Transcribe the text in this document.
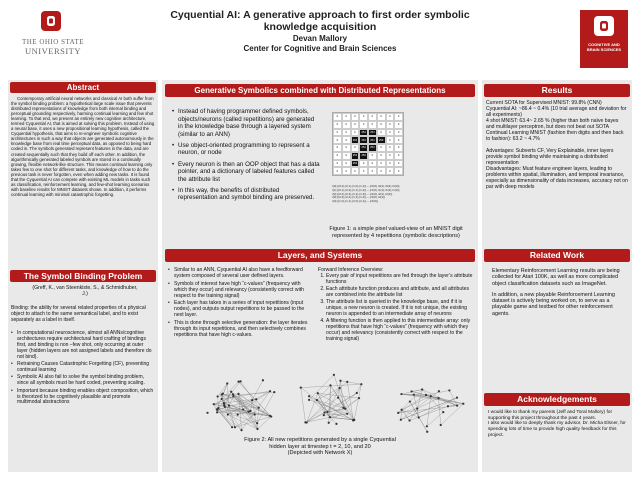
THE OHIO STATE
UNIVERSITY
Cyquential AI: A generative approach to first order symbolic knowledge acquisition
Devan Mallory
Center for Cognitive and Brain Sciences	COGNITIVE AND BRAIN SCIENCES
Abstract
Contemporary artificial neural networks and classical AI both suffer from the symbol binding problem: a hypothetical large scale issue that prevents distributed representations of knowledge from both internal binding and perceptual grounding respectively, harming continual learning and few shot learning. To that end, we present an entirely new cognitive architecture, termed Cyquential AI, that is aimed at solving this problem. Instead of using a neural base, it uses a new propositional learning hypothesis, called the Cyquential hypothesis, that aims to re-engineer symbolic cognitive architectures in such a way that objects are generated autonomously in the knowledge base from real time perceptual data, as opposed to being hard coded in. The symbols generated represent features in the data, and are created sequentially such that they build off each other. In addition, the algorithmically generated labeled symbols are stored in a continually growing, flexible network-like structure. This means continual learning only takes few to one shot for different tasks, and knowledge of how to do the previous task is never forgotten, even when adding new tasks. It is found that the Cyquential AI can compete with existing ML models in tasks such as classification, reinforcement learning, and few-shot learning scenarios with baseline results for MNIST datasets shown. In addition, it performs continual learning with minimal catastrophic forgetting.
The Symbol Binding Problem
(Greff, K., van Steenkiste, S., & Schmidhuber, J.)
Binding: the ability for several related properties of a physical object to attach to the same semantical label, and to exist separately as a label in itself.
• In computational neuroscience, almost all ANNs/cognitive architectures require architectural hard crafting of bindings first, and binding is non –few shot, only occurring at outer layer (hidden layers are not assigned labels and therefore do not bind).
• Retraining Causes Catastrophic Forgetting (CF), preventing continual learning
• Symbolic AI also fail to solve the symbol binding problem, since all symbols must be hard coded, preventing scaling.
• Important because binding enables object composition, which is theorized to be cognitively plausible and promote multimodal abstractions
Generative Symbolics combined with Distributed Representations
• Instead of having programmer defined symbols, objects/neurons (called repetitions) are generated in the knowledge base through a layered system (similar to an ANN)
• Use object-oriented programming to represent a neuron, or node
• Every neuron is then an OOP object that has a data pointer, and a dictionary of labeled features called the attribute list
• In this way, the benefits of distributed representation and symbol binding are preserved.
0	0	0	0	0	0	0	0
0	0	0	0	0	0	0	0
0	0	0	254	254	0	0	0
0	0	254	254	254	253	0	0
0	0	0	254	254	0	0	0
0	0	254	253	0	0	0	0
0	0	253	0	0	0	0	0
0	0	0	0	0	0	0	0
r[0] {(0,0),(0,1),(1,0),(1,1)} – {r0(0),r0(1),r0(2),r0(3)}
r[1] {(0,1),(0,2),(1,1),(1,2)} – {r1(0),r1(1),r1(2),r1(3)}
r[2] {(0,2),(0,3),(1,2),(1,3)} – {r2(0),r2(1),r2(2)}
r[3] {(0,3),(0,4),(1,3),(1,4)} – {r3(0),r3(1)}
r[4] {(1,0),(1,1),(2,0),(2,1)} – {r4(0)}
Figure 1: a simple pixel valued-view of an MNIST digit represented by 4 repetitions (symbolic descriptions)
Layers, and Systems
• Similar to an ANN, Cyquential AI also have a feedforward system composed of several user defined layers.
• Symbols of interest have high “c-values” (frequency with which they occur) and relevancy (consistently correct with respect to the training signal)
• Each layer has takes in a series of input repetitions (input nodes), and outputs output repetitions to be passed to the next layer.
• This is done through selective generation: the layer iterates through its input repetitions, and then selectively combines repetitions that have high c-values.
Forward Inference Overview:
1. Every pair of input repetitions are fed through the layer’s attribute functions
2. Each attribute function produces and attribute, and all attributes are combined into the attribute list
3. The attribute list is queried in the knowledge base, and if it is unique, a new neuron is created. If it is not unique, the existing neuron is appended to an intermediate array of neurons
4. A filtering function is then applied to this intermediate array: only repetitions that have high “c-values” (frequency with which they occur) and relevancy (consistently correct with respect to the training signal)
Figure 2: All new repetitions generated by a single Cyquential
hidden layer at timestep t = 2, 10, and 20
(Depicted with Network X)
Results
Current SOTA for Supervised MNIST: 99.8% (CNN)
Cyquential AI: ~86.4 ~ 0.4% (10 trial average and deviation for all experiments)
4 shot MNIST: 63.4~ 2.65 % (higher than both naïve bayes and multilayer perceptron, but does not beat out SOTA
Continual Learning MNIST (fashion then digits and then back to fashion): 63.2 ~ 4.7%
Advantages: Subverts CF, Very Explainable, inner layers provide symbol binding while maintaining a distributed representation
Disadvantages: Must feature engineer layers, leading to problems within spatial, illumination, and temporal invariance, especially as dimensionality of data increases, accuracy not on par with deep models
Related Work
Elementary Reinforcement Learning results are being collected for Atari 100K, as well as more complicated object classification datasets such as ImageNet.
In addition, a new playable Reinforcement Learning dataset is actively being worked on, to serve as a playable game and testbed for other reinforcement agents.
Acknowledgements
I would like to thank my parents (Jeff and Toral Mallory) for supporting this project throughout the past 4 years.
I also would like to deeply thank my advisor, Dr. Micha Elsner, for spending lots of time to provide high quality feedback for this project.
